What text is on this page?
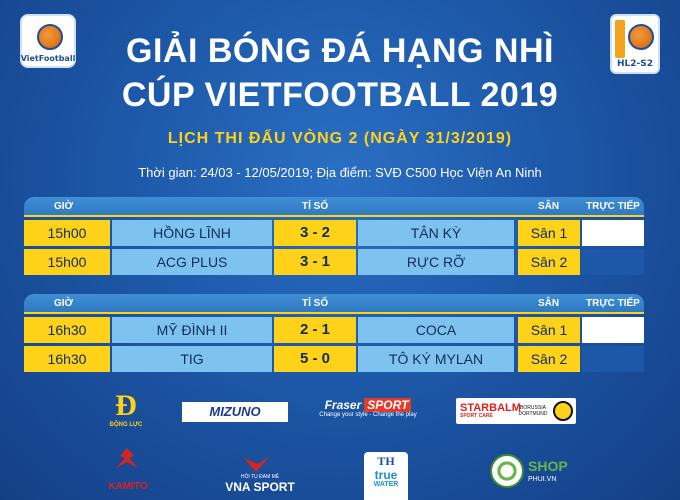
VietFootball
HL2-S2
GIẢI BÓNG ĐÁ HẠNG NHÌ
CÚP VIETFOOTBALL 2019
LỊCH THI ĐẤU VÒNG 2 (NGÀY 31/3/2019)
Thời gian: 24/03 - 12/05/2019; Địa điểm: SVĐ C500 Học Viện An Ninh
GIỜ	TỈ SỐ	SÂN	TRỰC TIẾP
15h00	HỒNG LĨNH	3 - 2	TÂN KỲ	Sân 1
15h00	ACG PLUS	3 - 1	RỰC RỠ	Sân 2
GIỜ	TỈ SỐ	SÂN	TRỰC TIẾP
16h30	MỸ ĐÌNH II	2 - 1	COCA	Sân 1
16h30	TIG	5 - 0	TÔ KÝ MYLAN	Sân 2
Ð
ĐỘNG LỰC
MIZUNO	Fraser SPORT
Change your style - Change the play
STARBALM
SPORT CARE
BORUSSIA DORTMUND
KAMITO
HỘI TỤ ĐAM MÊ
VNA SPORT
TH
true
WATER
SHOP
PHUI.VN
